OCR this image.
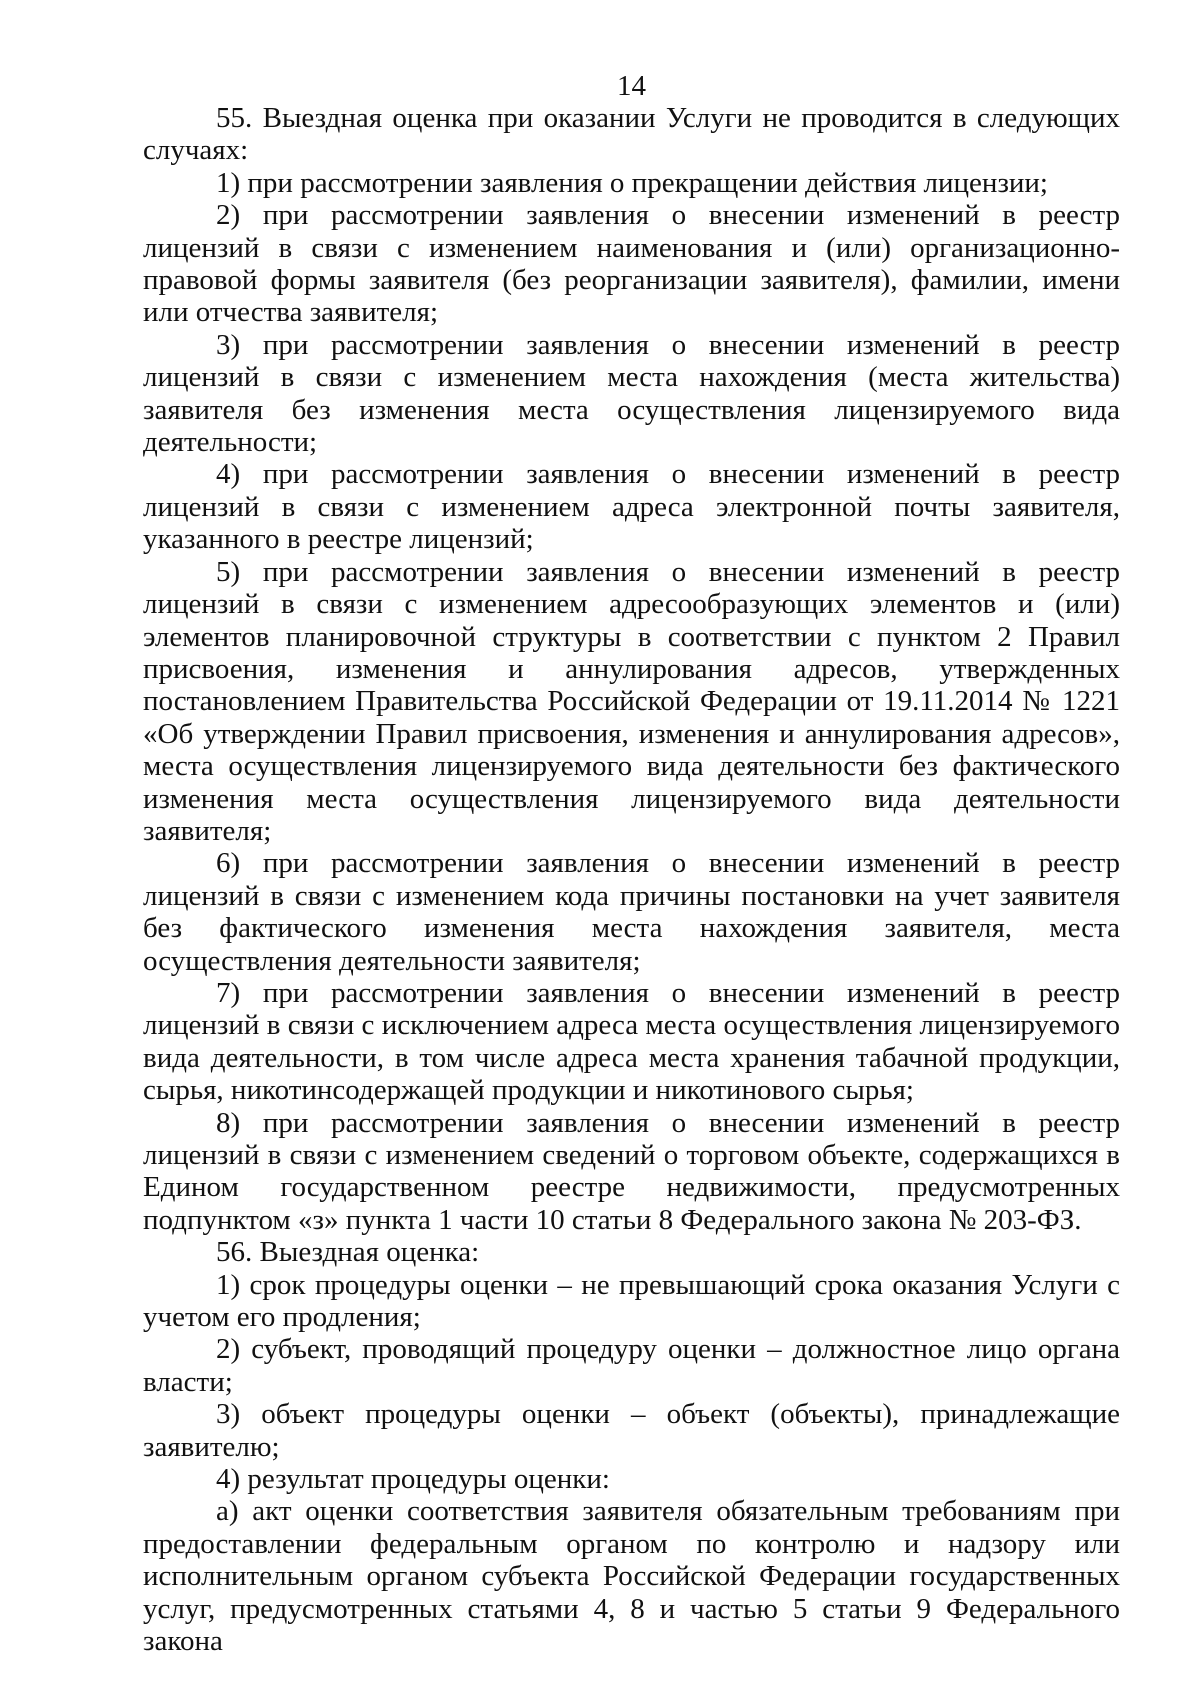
14

55. Выездная оценка при оказании Услуги не проводится в следующих случаях:

1) при рассмотрении заявления о прекращении действия лицензии;

2) при рассмотрении заявления о внесении изменений в реестр лицензий в связи с изменением наименования и (или) организационно-правовой формы заявителя (без реорганизации заявителя), фамилии, имени или отчества заявителя;

3) при рассмотрении заявления о внесении изменений в реестр лицензий в связи с изменением места нахождения (места жительства) заявителя без изменения места осуществления лицензируемого вида деятельности;

4) при рассмотрении заявления о внесении изменений в реестр лицензий в связи с изменением адреса электронной почты заявителя, указанного в реестре лицензий;

5) при рассмотрении заявления о внесении изменений в реестр лицензий в связи с изменением адресообразующих элементов и (или) элементов планировочной структуры в соответствии с пунктом 2 Правил присвоения, изменения и аннулирования адресов, утвержденных постановлением Правительства Российской Федерации от 19.11.2014 № 1221 «Об утверждении Правил присвоения, изменения и аннулирования адресов», места осуществления лицензируемого вида деятельности без фактического изменения места осуществления лицензируемого вида деятельности заявителя;

6) при рассмотрении заявления о внесении изменений в реестр лицензий в связи с изменением кода причины постановки на учет заявителя без фактического изменения места нахождения заявителя, места осуществления деятельности заявителя;

7) при рассмотрении заявления о внесении изменений в реестр лицензий в связи с исключением адреса места осуществления лицензируемого вида деятельности, в том числе адреса места хранения табачной продукции, сырья, никотинсодержащей продукции и никотинового сырья;

8) при рассмотрении заявления о внесении изменений в реестр лицензий в связи с изменением сведений о торговом объекте, содержащихся в Едином государственном реестре недвижимости, предусмотренных подпунктом «з» пункта 1 части 10 статьи 8 Федерального закона № 203-ФЗ.

56. Выездная оценка:

1) срок процедуры оценки – не превышающий срока оказания Услуги с учетом его продления;

2) субъект, проводящий процедуру оценки – должностное лицо органа власти;

3) объект процедуры оценки – объект (объекты), принадлежащие заявителю;

4) результат процедуры оценки:

а) акт оценки соответствия заявителя обязательным требованиям при предоставлении федеральным органом по контролю и надзору или исполнительным органом субъекта Российской Федерации государственных услуг, предусмотренных статьями 4, 8 и частью 5 статьи 9 Федерального закона
